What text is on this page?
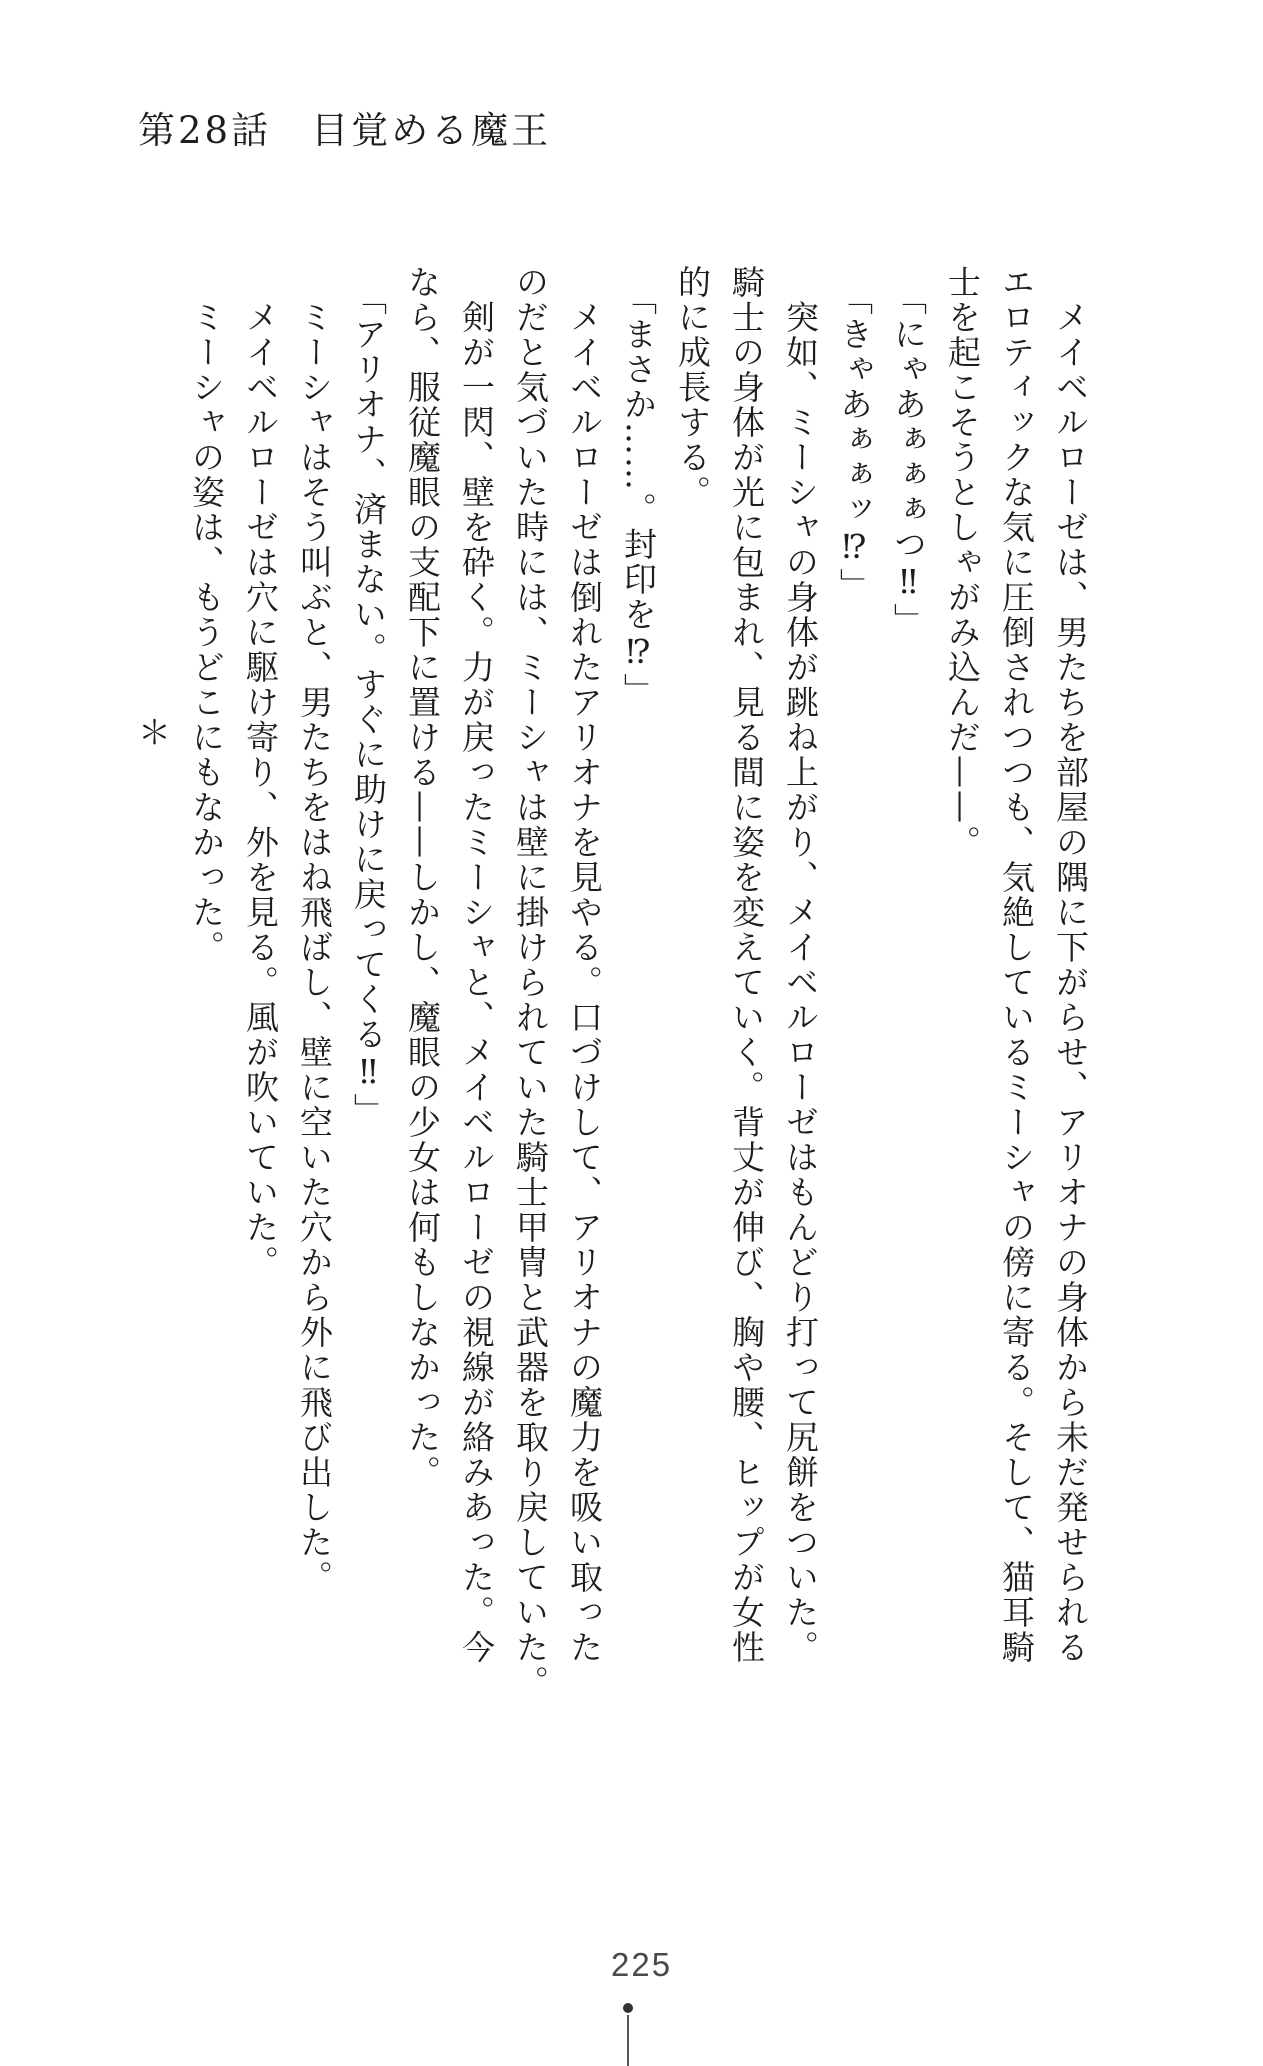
第28話　目覚める魔王
メイベルローゼは、男たちを部屋の隅に下がらせ、アリオナの身体から未だ発せられる
エロティックな気に圧倒されつつも、気絶しているミーシャの傍に寄る。そして、猫耳騎
士を起こそうとしゃがみ込んだ——。
「にゃあぁぁぁつ‼」
「きゃあぁぁッ⁉」
突如、ミーシャの身体が跳ね上がり、メイベルローゼはもんどり打って尻餅をついた。
騎士の身体が光に包まれ、見る間に姿を変えていく。背丈が伸び、胸や腰、ヒップが女性
的に成長する。
「まさか……。封印を⁉」
メイベルローゼは倒れたアリオナを見やる。口づけして、アリオナの魔力を吸い取った
のだと気づいた時には、ミーシャは壁に掛けられていた騎士甲冑と武器を取り戻していた。
剣が一閃、壁を砕く。力が戻ったミーシャと、メイベルローゼの視線が絡みあった。今
なら、服従魔眼の支配下に置ける——しかし、魔眼の少女は何もしなかった。
「アリオナ、済まない。すぐに助けに戻ってくる‼」
ミーシャはそう叫ぶと、男たちをはね飛ばし、壁に空いた穴から外に飛び出した。
メイベルローゼは穴に駆け寄り、外を見る。風が吹いていた。
ミーシャの姿は、もうどこにもなかった。
＊
225
